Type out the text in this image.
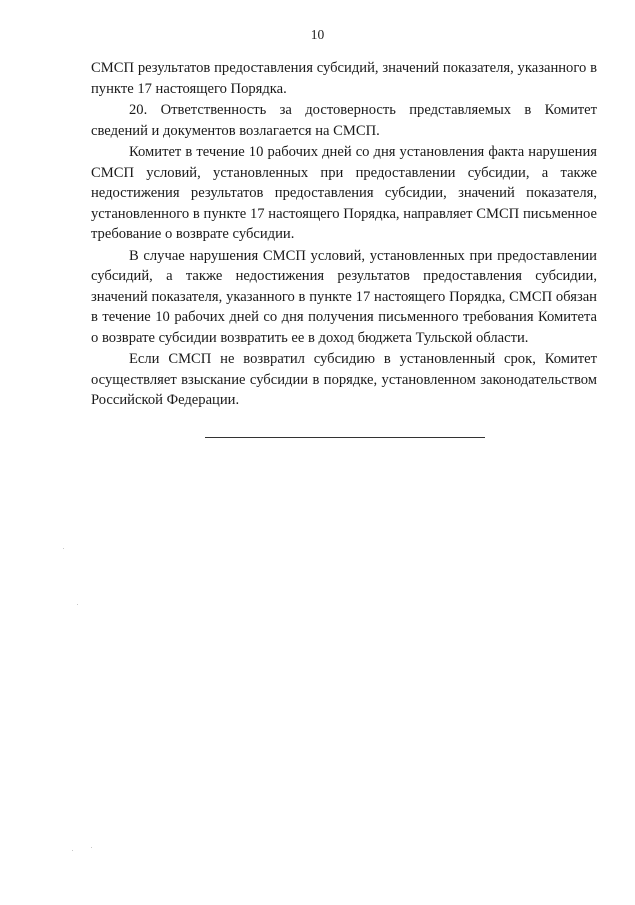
10

СМСП результатов предоставления субсидий, значений показателя, указанного в пункте 17 настоящего Порядка.

20. Ответственность за достоверность представляемых в Комитет сведений и документов возлагается на СМСП.

Комитет в течение 10 рабочих дней со дня установления факта нарушения СМСП условий, установленных при предоставлении субсидии, а также недостижения результатов предоставления субсидии, значений показателя, установленного в пункте 17 настоящего Порядка, направляет СМСП письменное требование о возврате субсидии.

В случае нарушения СМСП условий, установленных при предоставлении субсидий, а также недостижения результатов предоставления субсидии, значений показателя, указанного в пункте 17 настоящего Порядка, СМСП обязан в течение 10 рабочих дней со дня получения письменного требования Комитета о возврате субсидии возвратить ее в доход бюджета Тульской области.

Если СМСП не возвратил субсидию в установленный срок, Комитет осуществляет взыскание субсидии в порядке, установленном законодательством Российской Федерации.
